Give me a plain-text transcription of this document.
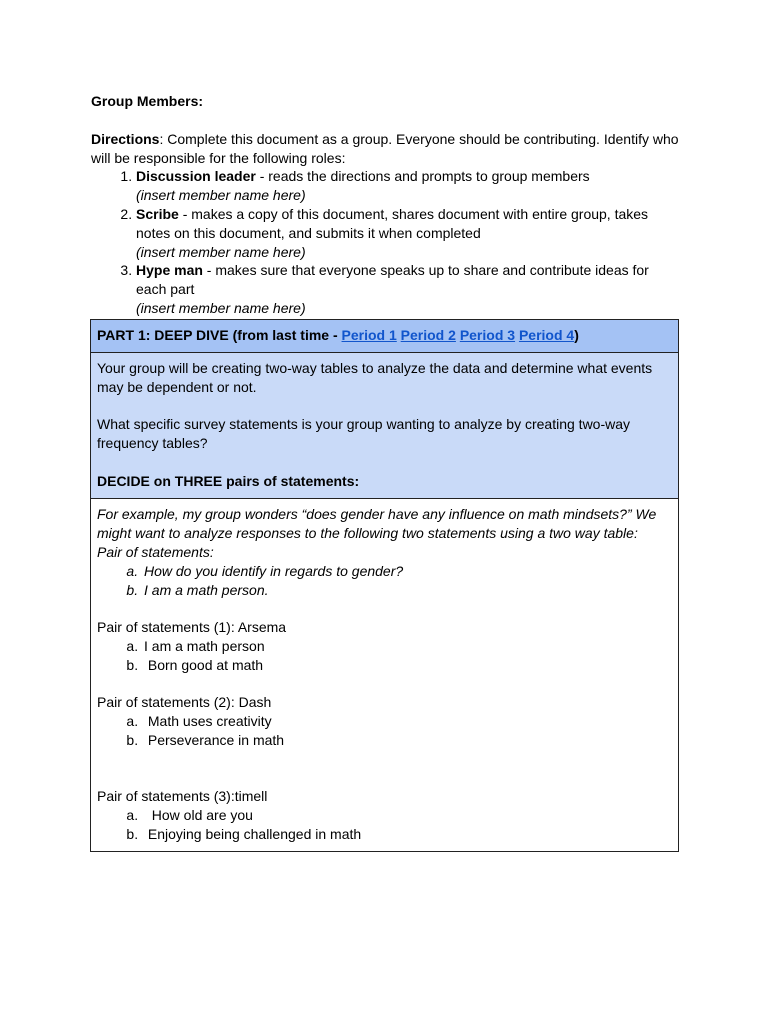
Group Members:

Directions: Complete this document as a group. Everyone should be contributing. Identify who will be responsible for the following roles:

1. Discussion leader - reads the directions and prompts to group members
(insert member name here)
2. Scribe - makes a copy of this document, shares document with entire group, takes notes on this document, and submits it when completed
(insert member name here)
3. Hype man - makes sure that everyone speaks up to share and contribute ideas for each part
(insert member name here)
PART 1: DEEP DIVE (from last time - Period 1 Period 2 Period 3 Period 4)

Your group will be creating two-way tables to analyze the data and determine what events may be dependent or not.

What specific survey statements is your group wanting to analyze by creating two-way frequency tables?

DECIDE on THREE pairs of statements:

For example, my group wonders “does gender have any influence on math mindsets?” We might want to analyze responses to the following two statements using a two way table:

Pair of statements:

a. How do you identify in regards to gender?
b. I am a math person.

Pair of statements (1): Arsema

a. I am a math person
b.  Born good at math

Pair of statements (2): Dash

a.  Math uses creativity
b.  Perseverance in math

Pair of statements (3):timell

a.   How old are you
b.  Enjoying being challenged in math
